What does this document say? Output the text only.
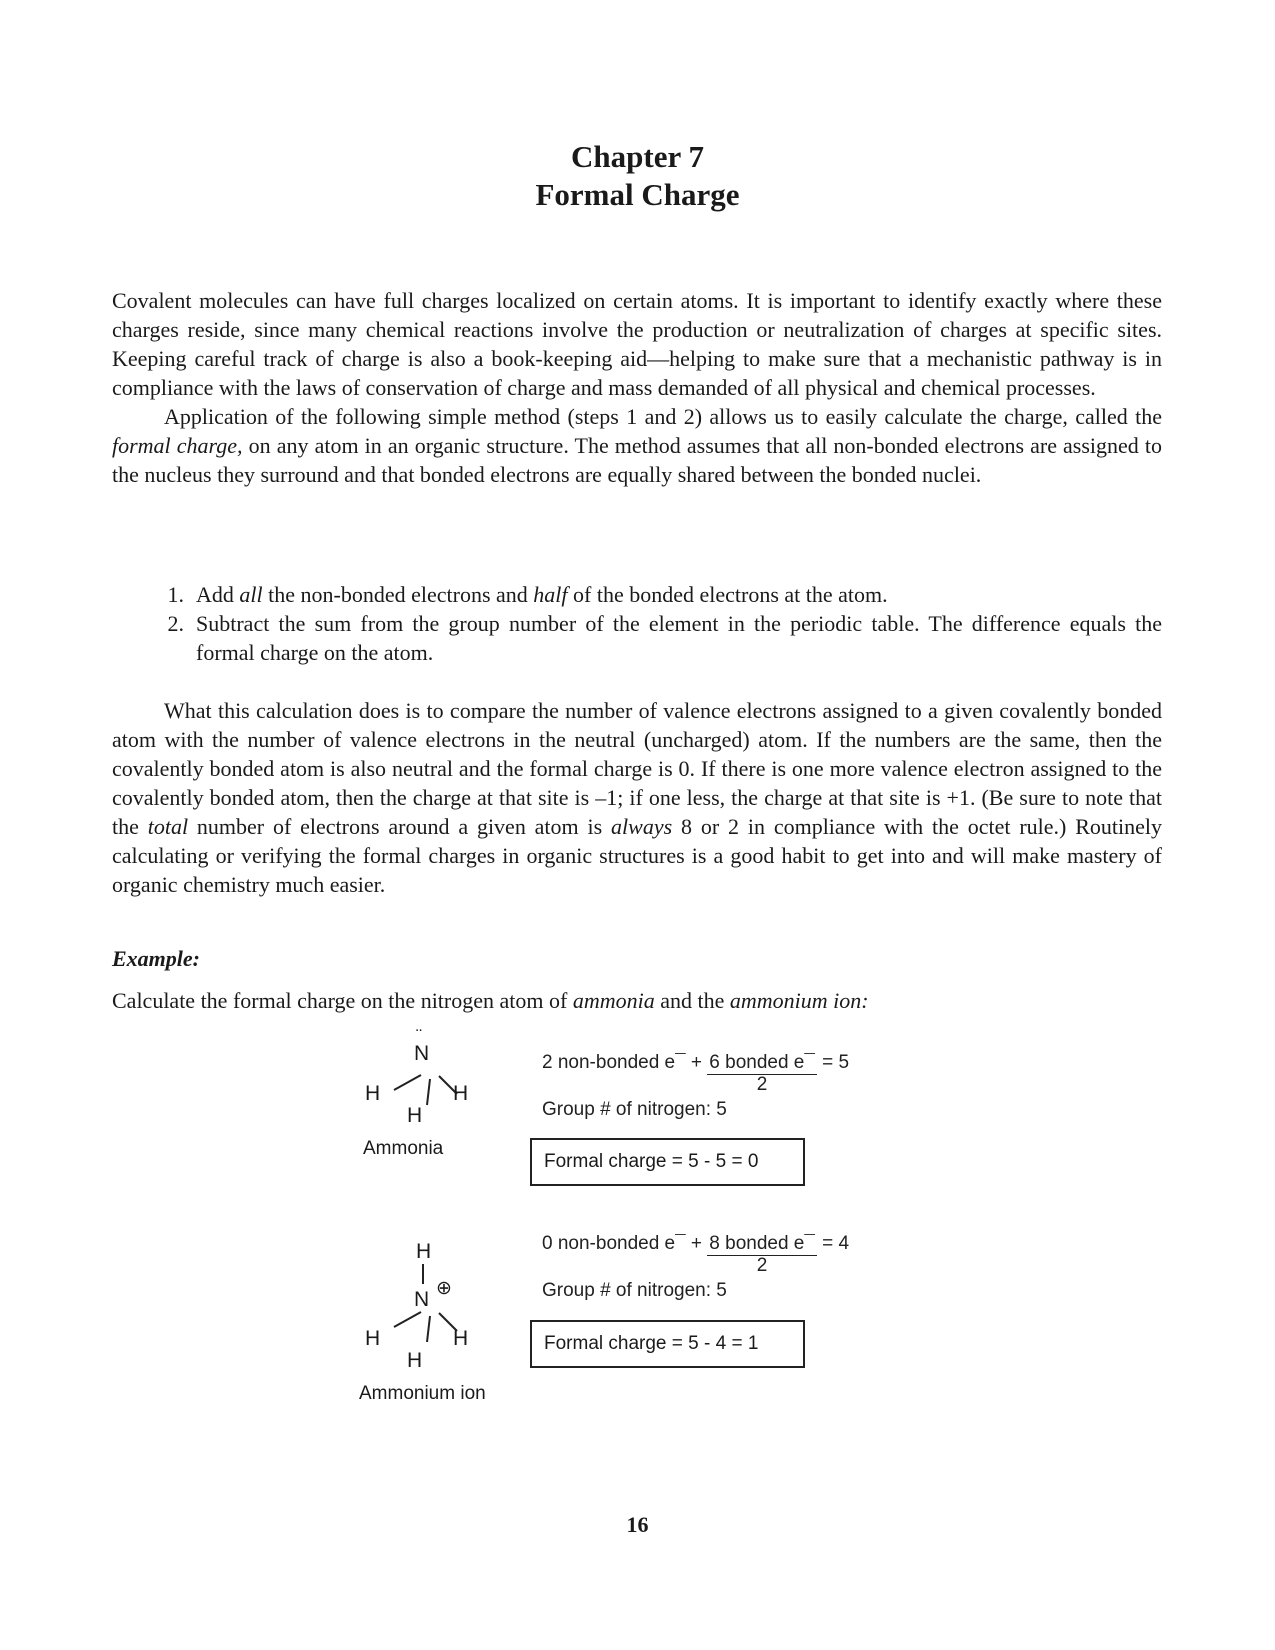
Chapter 7
Formal Charge

Covalent molecules can have full charges localized on certain atoms. It is important to identify exactly where these charges reside, since many chemical reactions involve the production or neutralization of charges at specific sites. Keeping careful track of charge is also a book-keeping aid—helping to make sure that a mechanistic pathway is in compliance with the laws of conservation of charge and mass demanded of all physical and chemical processes.

Application of the following simple method (steps 1 and 2) allows us to easily calculate the charge, called the formal charge, on any atom in an organic structure. The method assumes that all non-bonded electrons are assigned to the nucleus they surround and that bonded electrons are equally shared between the bonded nuclei.

1. Add all the non-bonded electrons and half of the bonded electrons at the atom.
2. Subtract the sum from the group number of the element in the periodic table. The difference equals the formal charge on the atom.
What this calculation does is to compare the number of valence electrons assigned to a given covalently bonded atom with the number of valence electrons in the neutral (uncharged) atom. If the numbers are the same, then the covalently bonded atom is also neutral and the formal charge is 0. If there is one more valence electron assigned to the covalently bonded atom, then the charge at that site is –1; if one less, the charge at that site is +1. (Be sure to note that the total number of electrons around a given atom is always 8 or 2 in compliance with the octet rule.) Routinely calculating or verifying the formal charges in organic structures is a good habit to get into and will make mastery of organic chemistry much easier.
Example:
Calculate the formal charge on the nitrogen atom of ammonia and the ammonium ion:
N
¨
H	H
H
Ammonia
2 non-bonded e¯ + $\frac{\text{6 bonded e¯}}{2} = 5$
Group # of nitrogen: 5
Formal charge = 5 - 5 = 0
H
N ⊕
H	H
H
Ammonium ion
0 non-bonded e¯ + $\frac{\text{8 bonded e¯}}{2} = 4$
Group # of nitrogen: 5
Formal charge = 5 - 4 = 1
16
